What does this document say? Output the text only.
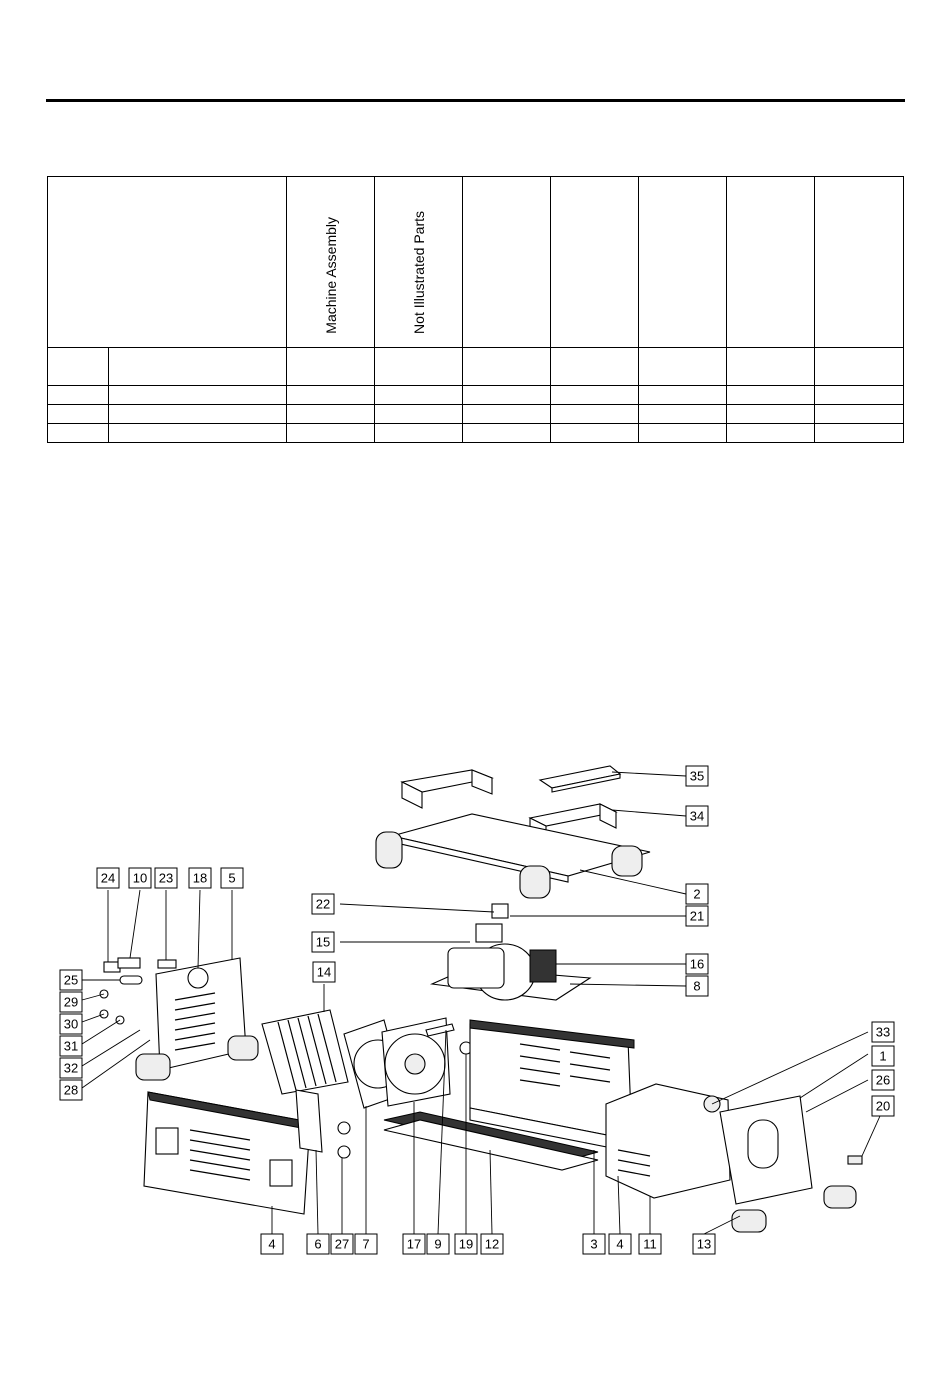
		Machine Assembly	Not Illustrated Parts					

35
34
2
22
21
15
16
8
24 10 23 18 5
14
25
29
30
31
32
28
33
1
26
20
4	6 27 7	17 9 19 12	3 4 11	13
